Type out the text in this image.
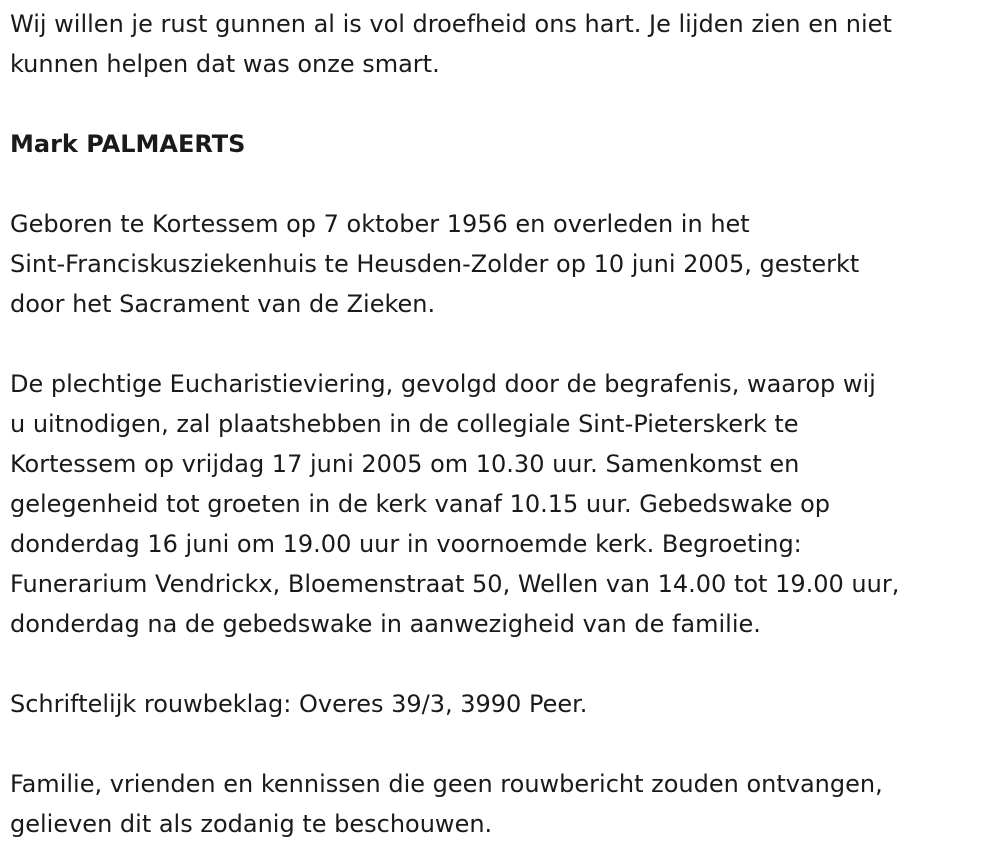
Wij willen je rust gunnen al is vol droefheid ons hart. Je lijden zien en niet
kunnen helpen dat was onze smart.

Mark PALMAERTS

Geboren te Kortessem op 7 oktober 1956 en overleden in het
Sint-Franciskusziekenhuis te Heusden-Zolder op 10 juni 2005, gesterkt
door het Sacrament van de Zieken.

De plechtige Eucharistieviering, gevolgd door de begrafenis, waarop wij
u uitnodigen, zal plaatshebben in de collegiale Sint-Pieterskerk te
Kortessem op vrijdag 17 juni 2005 om 10.30 uur. Samenkomst en
gelegenheid tot groeten in de kerk vanaf 10.15 uur. Gebedswake op
donderdag 16 juni om 19.00 uur in voornoemde kerk. Begroeting:
Funerarium Vendrickx, Bloemenstraat 50, Wellen van 14.00 tot 19.00 uur,
donderdag na de gebedswake in aanwezigheid van de familie.

Schriftelijk rouwbeklag: Overes 39/3, 3990 Peer.

Familie, vrienden en kennissen die geen rouwbericht zouden ontvangen,
gelieven dit als zodanig te beschouwen.
